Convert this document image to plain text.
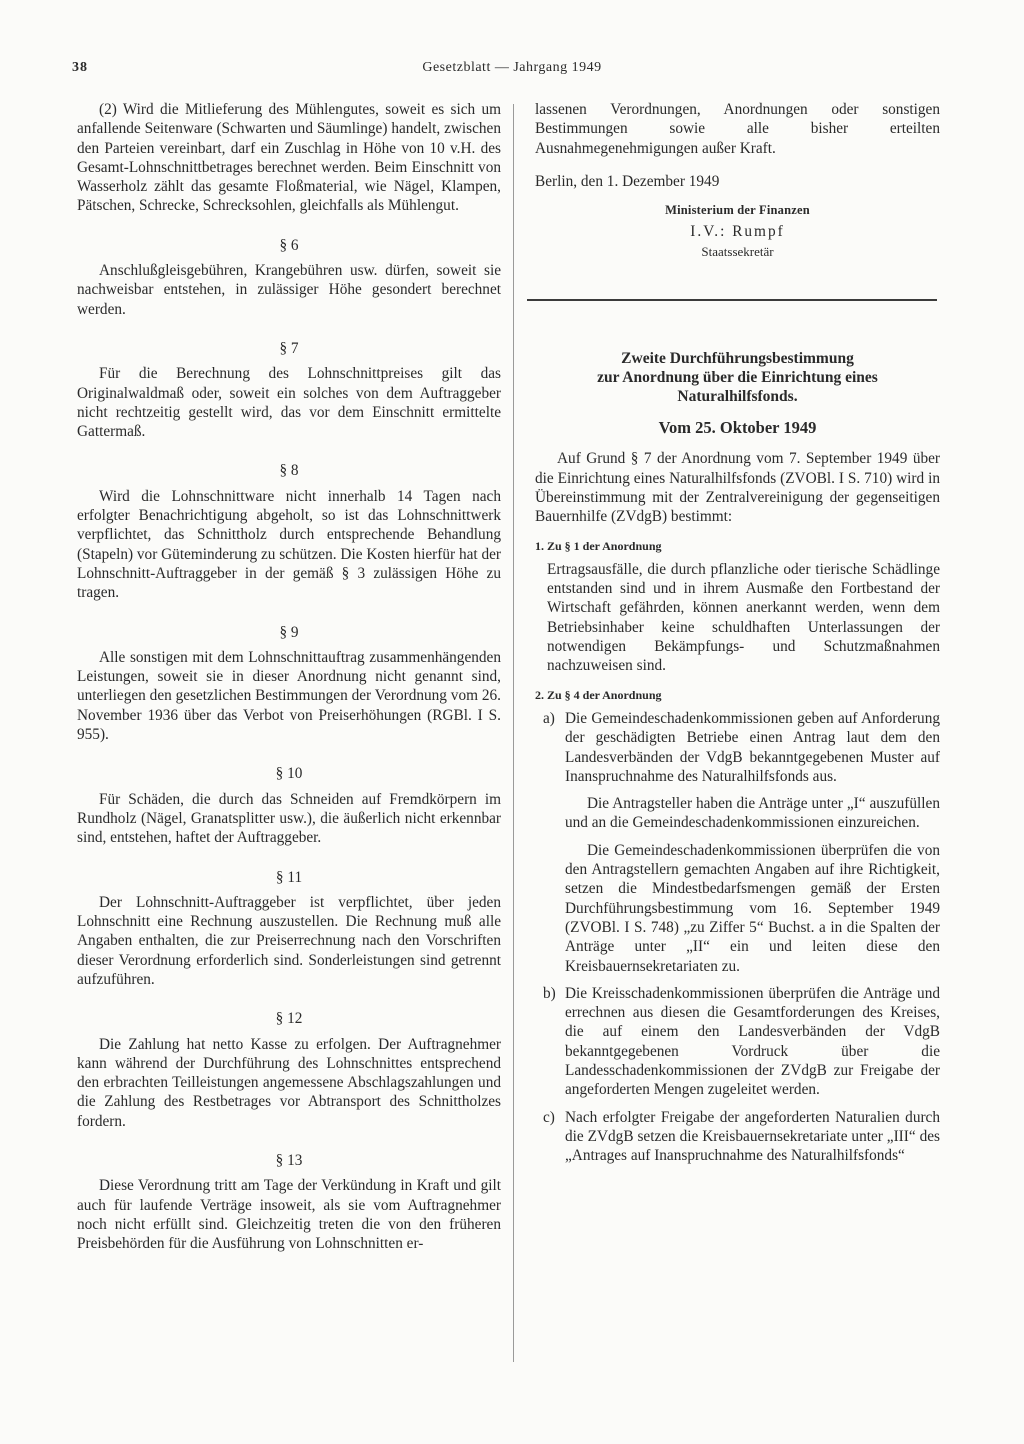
38	Gesetzblatt — Jahrgang 1949

(2) Wird die Mitlieferung des Mühlengutes, soweit es sich um anfallende Seitenware (Schwarten und Säumlinge) handelt, zwischen den Parteien vereinbart, darf ein Zuschlag in Höhe von 10 v.H. des Gesamt-Lohnschnittbetrages berechnet werden. Beim Einschnitt von Wasserholz zählt das gesamte Floßmaterial, wie Nägel, Klampen, Pätschen, Schrecke, Schrecksohlen, gleichfalls als Mühlengut.

§ 6

Anschlußgleisgebühren, Krangebühren usw. dürfen, soweit sie nachweisbar entstehen, in zulässiger Höhe gesondert berechnet werden.

§ 7

Für die Berechnung des Lohnschnittpreises gilt das Originalwaldmaß oder, soweit ein solches von dem Auftraggeber nicht rechtzeitig gestellt wird, das vor dem Einschnitt ermittelte Gattermaß.

§ 8

Wird die Lohnschnittware nicht innerhalb 14 Tagen nach erfolgter Benachrichtigung abgeholt, so ist das Lohnschnittwerk verpflichtet, das Schnittholz durch entsprechende Behandlung (Stapeln) vor Güteminderung zu schützen. Die Kosten hierfür hat der Lohnschnitt-Auftraggeber in der gemäß § 3 zulässigen Höhe zu tragen.

§ 9

Alle sonstigen mit dem Lohnschnittauftrag zusammenhängenden Leistungen, soweit sie in dieser Anordnung nicht genannt sind, unterliegen den gesetzlichen Bestimmungen der Verordnung vom 26. November 1936 über das Verbot von Preiserhöhungen (RGBl. I S. 955).

§ 10

Für Schäden, die durch das Schneiden auf Fremdkörpern im Rundholz (Nägel, Granatsplitter usw.), die äußerlich nicht erkennbar sind, entstehen, haftet der Auftraggeber.

§ 11

Der Lohnschnitt-Auftraggeber ist verpflichtet, über jeden Lohnschnitt eine Rechnung auszustellen. Die Rechnung muß alle Angaben enthalten, die zur Preiserrechnung nach den Vorschriften dieser Verordnung erforderlich sind. Sonderleistungen sind getrennt aufzuführen.

§ 12

Die Zahlung hat netto Kasse zu erfolgen. Der Auftragnehmer kann während der Durchführung des Lohnschnittes entsprechend den erbrachten Teilleistungen angemessene Abschlagszahlungen und die Zahlung des Restbetrages vor Abtransport des Schnittholzes fordern.

§ 13

Diese Verordnung tritt am Tage der Verkündung in Kraft und gilt auch für laufende Verträge insoweit, als sie vom Auftragnehmer noch nicht erfüllt sind. Gleichzeitig treten die von den früheren Preisbehörden für die Ausführung von Lohnschnitten er-

lassenen Verordnungen, Anordnungen oder sonstigen Bestimmungen sowie alle bisher erteilten Ausnahmegenehmigungen außer Kraft.

Berlin, den 1. Dezember 1949

Ministerium der Finanzen
I.V.: Rumpf
Staatssekretär
Zweite Durchführungsbestimmung
zur Anordnung über die Einrichtung eines
Naturalhilfsfonds.
Vom 25. Oktober 1949

Auf Grund § 7 der Anordnung vom 7. September 1949 über die Einrichtung eines Naturalhilfsfonds (ZVOBl. I S. 710) wird in Übereinstimmung mit der Zentralvereinigung der gegenseitigen Bauernhilfe (ZVdgB) bestimmt:

1. Zu § 1 der Anordnung

Ertragsausfälle, die durch pflanzliche oder tierische Schädlinge entstanden sind und in ihrem Ausmaße den Fortbestand der Wirtschaft gefährden, können anerkannt werden, wenn dem Betriebsinhaber keine schuldhaften Unterlassungen der notwendigen Bekämpfungs- und Schutzmaßnahmen nachzuweisen sind.

2. Zu § 4 der Anordnung
a) Die Gemeindeschadenkommissionen geben auf Anforderung der geschädigten Betriebe einen Antrag laut dem den Landesverbänden der VdgB bekanntgegebenen Muster auf Inanspruchnahme des Naturalhilfsfonds aus.

Die Antragsteller haben die Anträge unter „I“ auszufüllen und an die Gemeindeschadenkommissionen einzureichen.

Die Gemeindeschadenkommissionen überprüfen die von den Antragstellern gemachten Angaben auf ihre Richtigkeit, setzen die Mindestbedarfsmengen gemäß der Ersten Durchführungsbestimmung vom 16. September 1949 (ZVOBl. I S. 748) „zu Ziffer 5“ Buchst. a in die Spalten der Anträge unter „II“ ein und leiten diese den Kreisbauernsekretariaten zu.

b) Die Kreisschadenkommissionen überprüfen die Anträge und errechnen aus diesen die Gesamtforderungen des Kreises, die auf einem den Landesverbänden der VdgB bekanntgegebenen Vordruck über die Landesschadenkommissionen der ZVdgB zur Freigabe der angeforderten Mengen zugeleitet werden.

c) Nach erfolgter Freigabe der angeforderten Naturalien durch die ZVdgB setzen die Kreisbauernsekretariate unter „III“ des „Antrages auf Inanspruchnahme des Naturalhilfsfonds“
